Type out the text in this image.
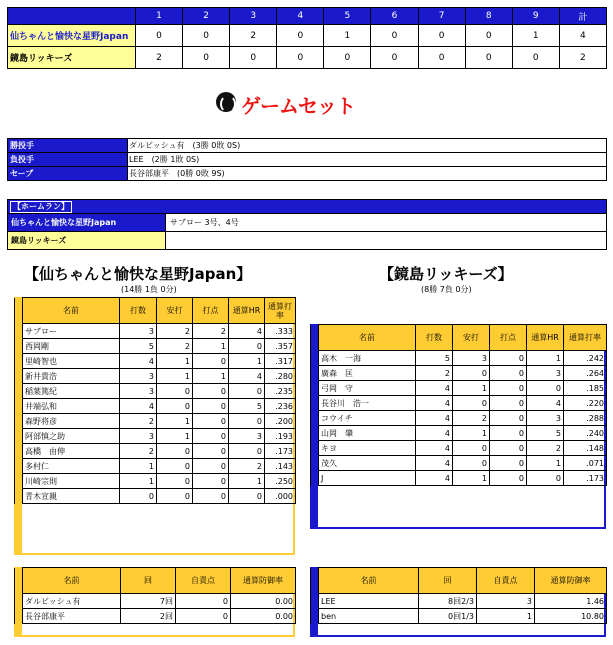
	1	2	3	4	5	6	7	8	9	計
仙ちゃんと愉快な星野Japan	0	0	2	0	1	0	0	0	1	4
鏡島リッキーズ	2	0	0	0	0	0	0	0	0	2
ゲームセット
勝投手	ダルビッシュ有　(3勝 0敗 0S)
負投手	LEE　(2勝 1敗 0S)
セーブ	長谷部康平　(0勝 0敗 9S)
【ホームラン】	
仙ちゃんと愉快な星野Japan	サブロー 3号、4号
鏡島リッキーズ	
【仙ちゃんと愉快な星野Japan】
(14勝 1負 0分)
【鏡島リッキーズ】
(8勝 7負 0分)
	名前	打数	安打	打点	通算HR	通算打率
	サブロー	3	2	2	4	.333
	西岡剛	5	2	1	0	.357
	里崎智也	4	1	0	1	.317
	新井貴浩	3	1	1	4	.280
	稲葉篤紀	3	0	0	0	.235
	井端弘和	4	0	0	5	.236
	森野将彦	2	1	0	0	.200
	阿部慎之助	3	1	0	3	.193
	高橋　由伸	2	0	0	0	.173
	多村仁	1	0	0	2	.143
	川崎宗則	1	0	0	1	.250
	青木宣親	0	0	0	0	.000
	名前	打数	安打	打点	通算HR	通算打率
	高木　一海	5	3	0	1	.242
	廣森　匡	2	0	0	3	.264
	弓岡　守	4	1	0	0	.185
	長谷川　浩一	4	0	0	4	.220
	コウイチ	4	2	0	3	.288
	山岡　肇	4	1	0	5	.240
	キヨ	4	0	0	2	.148
	茂久	4	0	0	1	.071
	J	4	1	0	0	.173
	名前	回	自責点	通算防御率
	ダルビッシュ有	7回	0	0.00
	長谷部康平	2回	0	0.00
	名前	回	自責点	通算防御率
	LEE	8回2/3	3	1.46
	ben	0回1/3	1	10.80
